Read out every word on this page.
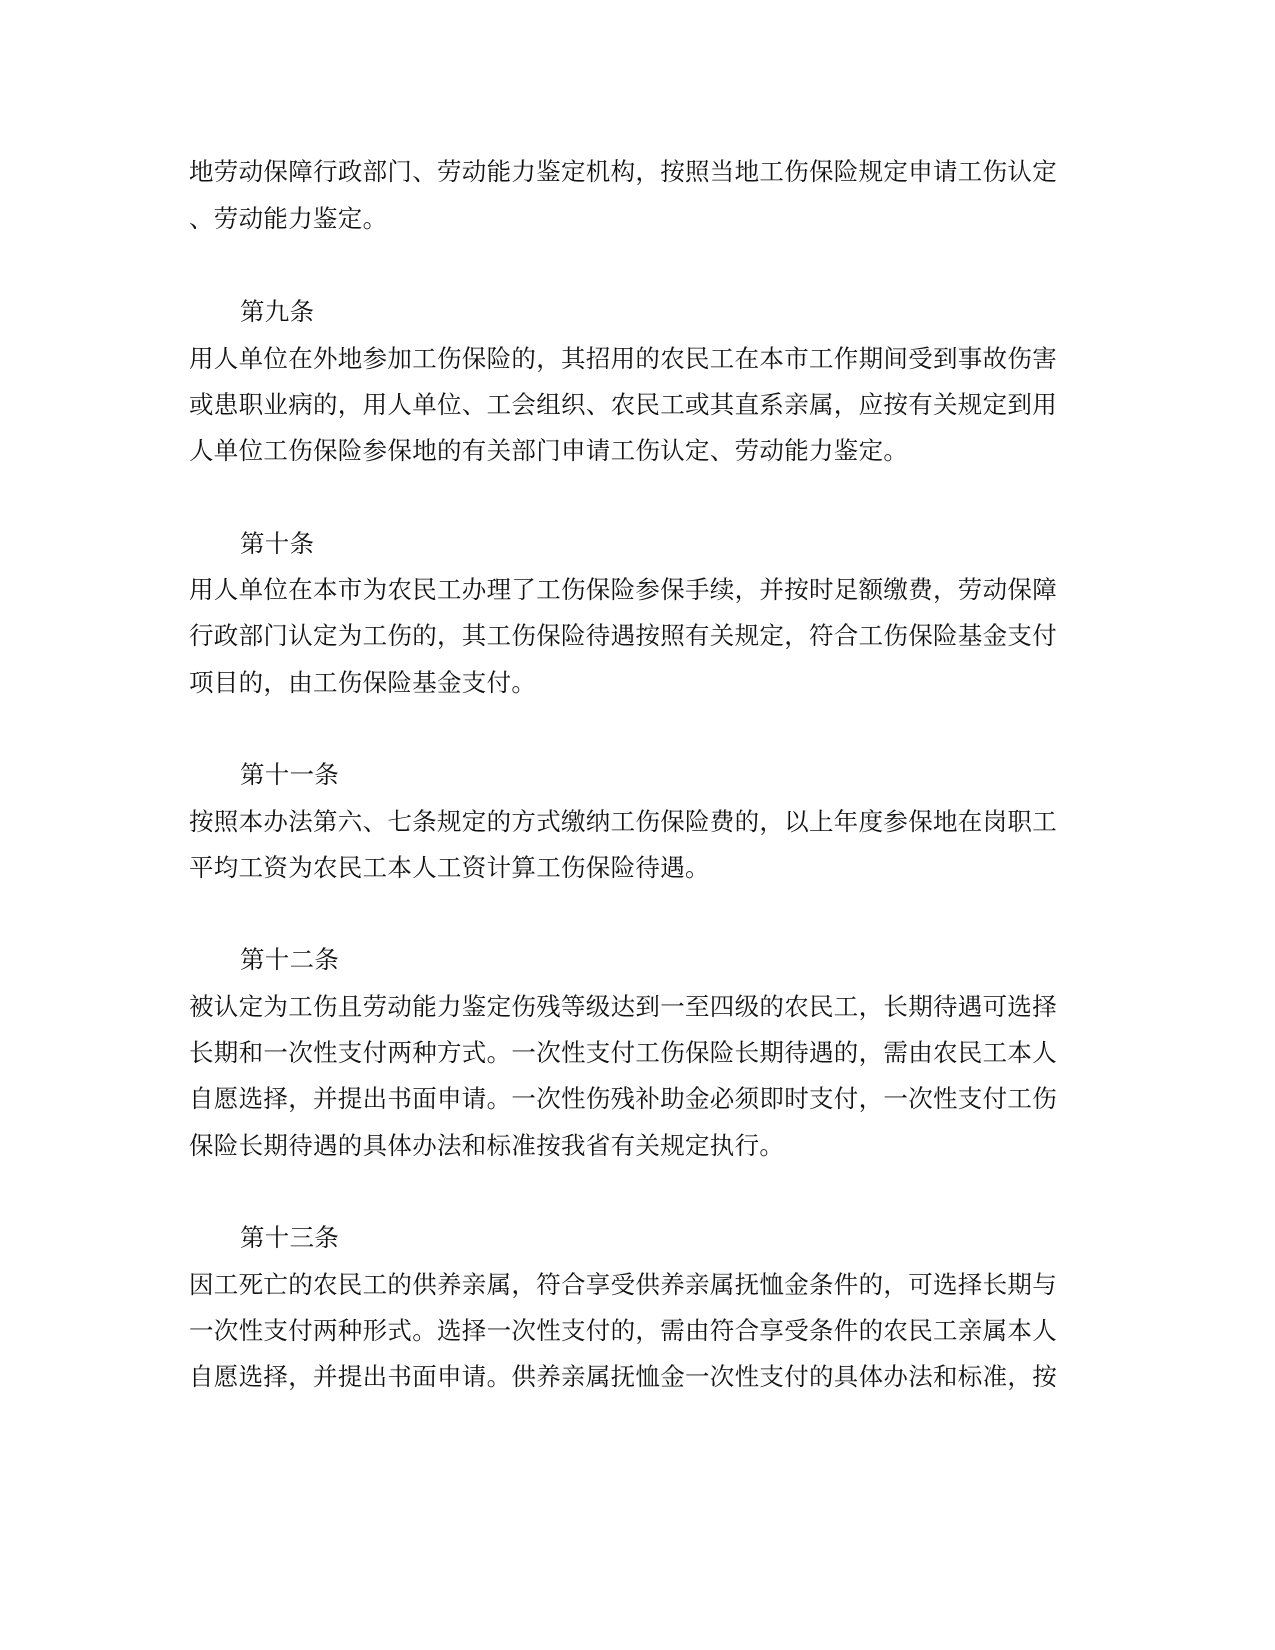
地劳动保障行政部门、劳动能力鉴定机构，按照当地工伤保险规定申请工伤认定
、劳动能力鉴定。
第九条
用人单位在外地参加工伤保险的，其招用的农民工在本市工作期间受到事故伤害
或患职业病的，用人单位、工会组织、农民工或其直系亲属，应按有关规定到用
人单位工伤保险参保地的有关部门申请工伤认定、劳动能力鉴定。
第十条
用人单位在本市为农民工办理了工伤保险参保手续，并按时足额缴费，劳动保障
行政部门认定为工伤的，其工伤保险待遇按照有关规定，符合工伤保险基金支付
项目的，由工伤保险基金支付。
第十一条
按照本办法第六、七条规定的方式缴纳工伤保险费的，以上年度参保地在岗职工
平均工资为农民工本人工资计算工伤保险待遇。
第十二条
被认定为工伤且劳动能力鉴定伤残等级达到一至四级的农民工，长期待遇可选择
长期和一次性支付两种方式。一次性支付工伤保险长期待遇的，需由农民工本人
自愿选择，并提出书面申请。一次性伤残补助金必须即时支付，一次性支付工伤
保险长期待遇的具体办法和标准按我省有关规定执行。
第十三条
因工死亡的农民工的供养亲属，符合享受供养亲属抚恤金条件的，可选择长期与
一次性支付两种形式。选择一次性支付的，需由符合享受条件的农民工亲属本人
自愿选择，并提出书面申请。供养亲属抚恤金一次性支付的具体办法和标准，按
